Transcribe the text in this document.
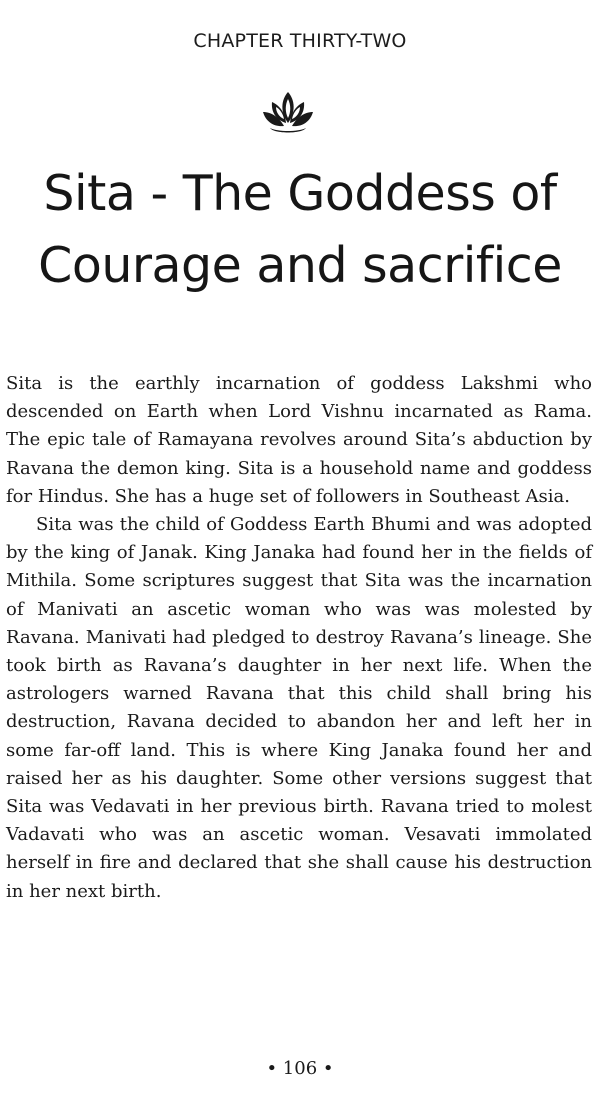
CHAPTER THIRTY-TWO
Sita - The Goddess of
Courage and sacrifice

Sita is the earthly incarnation of goddess Lakshmi who descended on Earth when Lord Vishnu incarnated as Rama. The epic tale of Ramayana revolves around Sita’s abduction by Ravana the demon king. Sita is a household name and goddess for Hindus. She has a huge set of followers in Southeast Asia.

Sita was the child of Goddess Earth Bhumi and was adopted by the king of Janak. King Janaka had found her in the fields of Mithila. Some scriptures suggest that Sita was the incarnation of Manivati an ascetic woman who was was molested by Ravana. Manivati had pledged to destroy Ravana’s lineage. She took birth as Ravana’s daughter in her next life. When the astrologers warned Ravana that this child shall bring his destruction, Ravana decided to abandon her and left her in some far-off land. This is where King Janaka found her and raised her as his daughter. Some other versions suggest that Sita was Vedavati in her previous birth. Ravana tried to molest Vadavati who was an ascetic woman. Vesavati immolated herself in fire and declared that she shall cause his destruction in her next birth.

• 106 •
